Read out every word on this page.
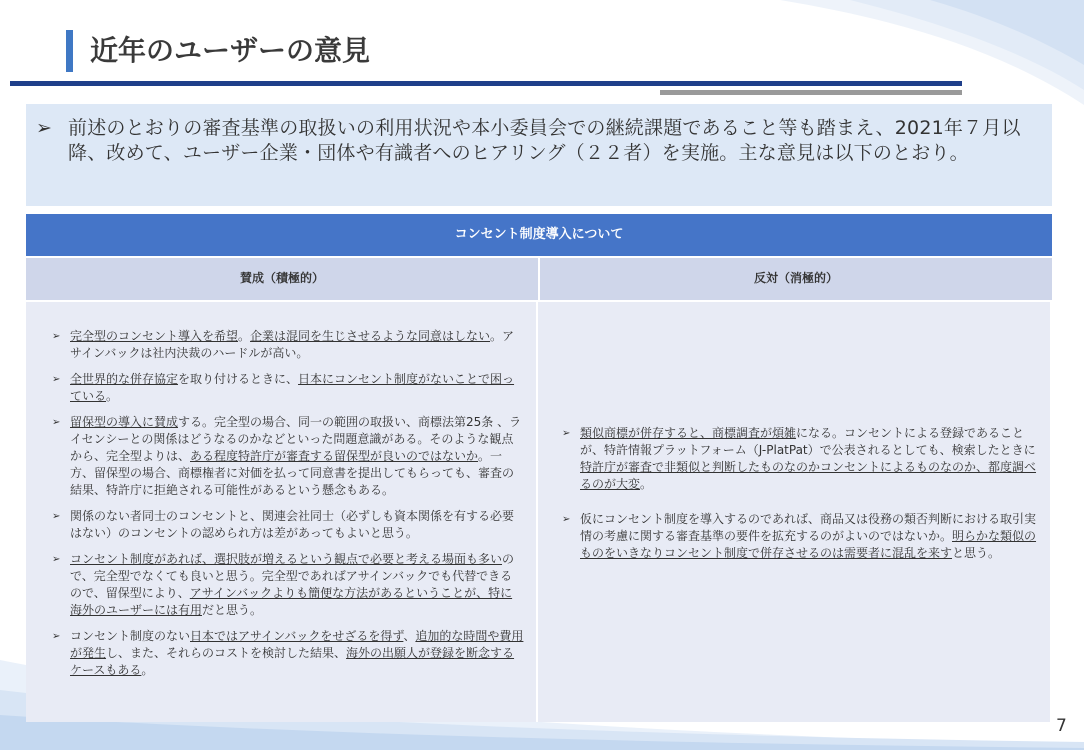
近年のユーザーの意見
➢ 前述のとおりの審査基準の取扱いの利用状況や本小委員会での継続課題であること等も踏まえ、2021年７月以降、改めて、ユーザー企業・団体や有識者へのヒアリング（２２者）を実施。主な意見は以下のとおり。

コンセント制度導入について
賛成（積極的）	反対（消極的）
➢ 完全型のコンセント導入を希望。企業は混同を生じさせるような同意はしない。アサインバックは社内決裁のハードルが高い。
➢ 全世界的な併存協定を取り付けるときに、日本にコンセント制度がないことで困っている。
➢ 留保型の導入に賛成する。完全型の場合、同一の範囲の取扱い、商標法第25条 、ライセンシーとの関係はどうなるのかなどといった問題意識がある。そのような観点から、完全型よりは、ある程度特許庁が審査する留保型が良いのではないか。一方、留保型の場合、商標権者に対価を払って同意書を提出してもらっても、審査の結果、特許庁に拒絶される可能性があるという懸念もある。
➢ 関係のない者同士のコンセントと、関連会社同士（必ずしも資本関係を有する必要はない）のコンセントの認められ方は差があってもよいと思う。
➢ コンセント制度があれば、選択肢が増えるという観点で必要と考える場面も多いので、完全型でなくても良いと思う。完全型であればアサインバックでも代替できるので、留保型により、アサインバックよりも簡便な方法があるということが、特に海外のユーザーには有用だと思う。
➢ コンセント制度のない日本ではアサインバックをせざるを得ず、追加的な時間や費用が発生し、また、それらのコストを検討した結果、海外の出願人が登録を断念するケースもある。
➢ 類似商標が併存すると、商標調査が煩雑になる。コンセントによる登録であることが、特許情報プラットフォーム（J-PlatPat）で公表されるとしても、検索したときに特許庁が審査で非類似と判断したものなのかコンセントによるものなのか、都度調べるのが大変。
➢ 仮にコンセント制度を導入するのであれば、商品又は役務の類否判断における取引実情の考慮に関する審査基準の要件を拡充するのがよいのではないか。明らかな類似のものをいきなりコンセント制度で併存させるのは需要者に混乱を来すと思う。
7
